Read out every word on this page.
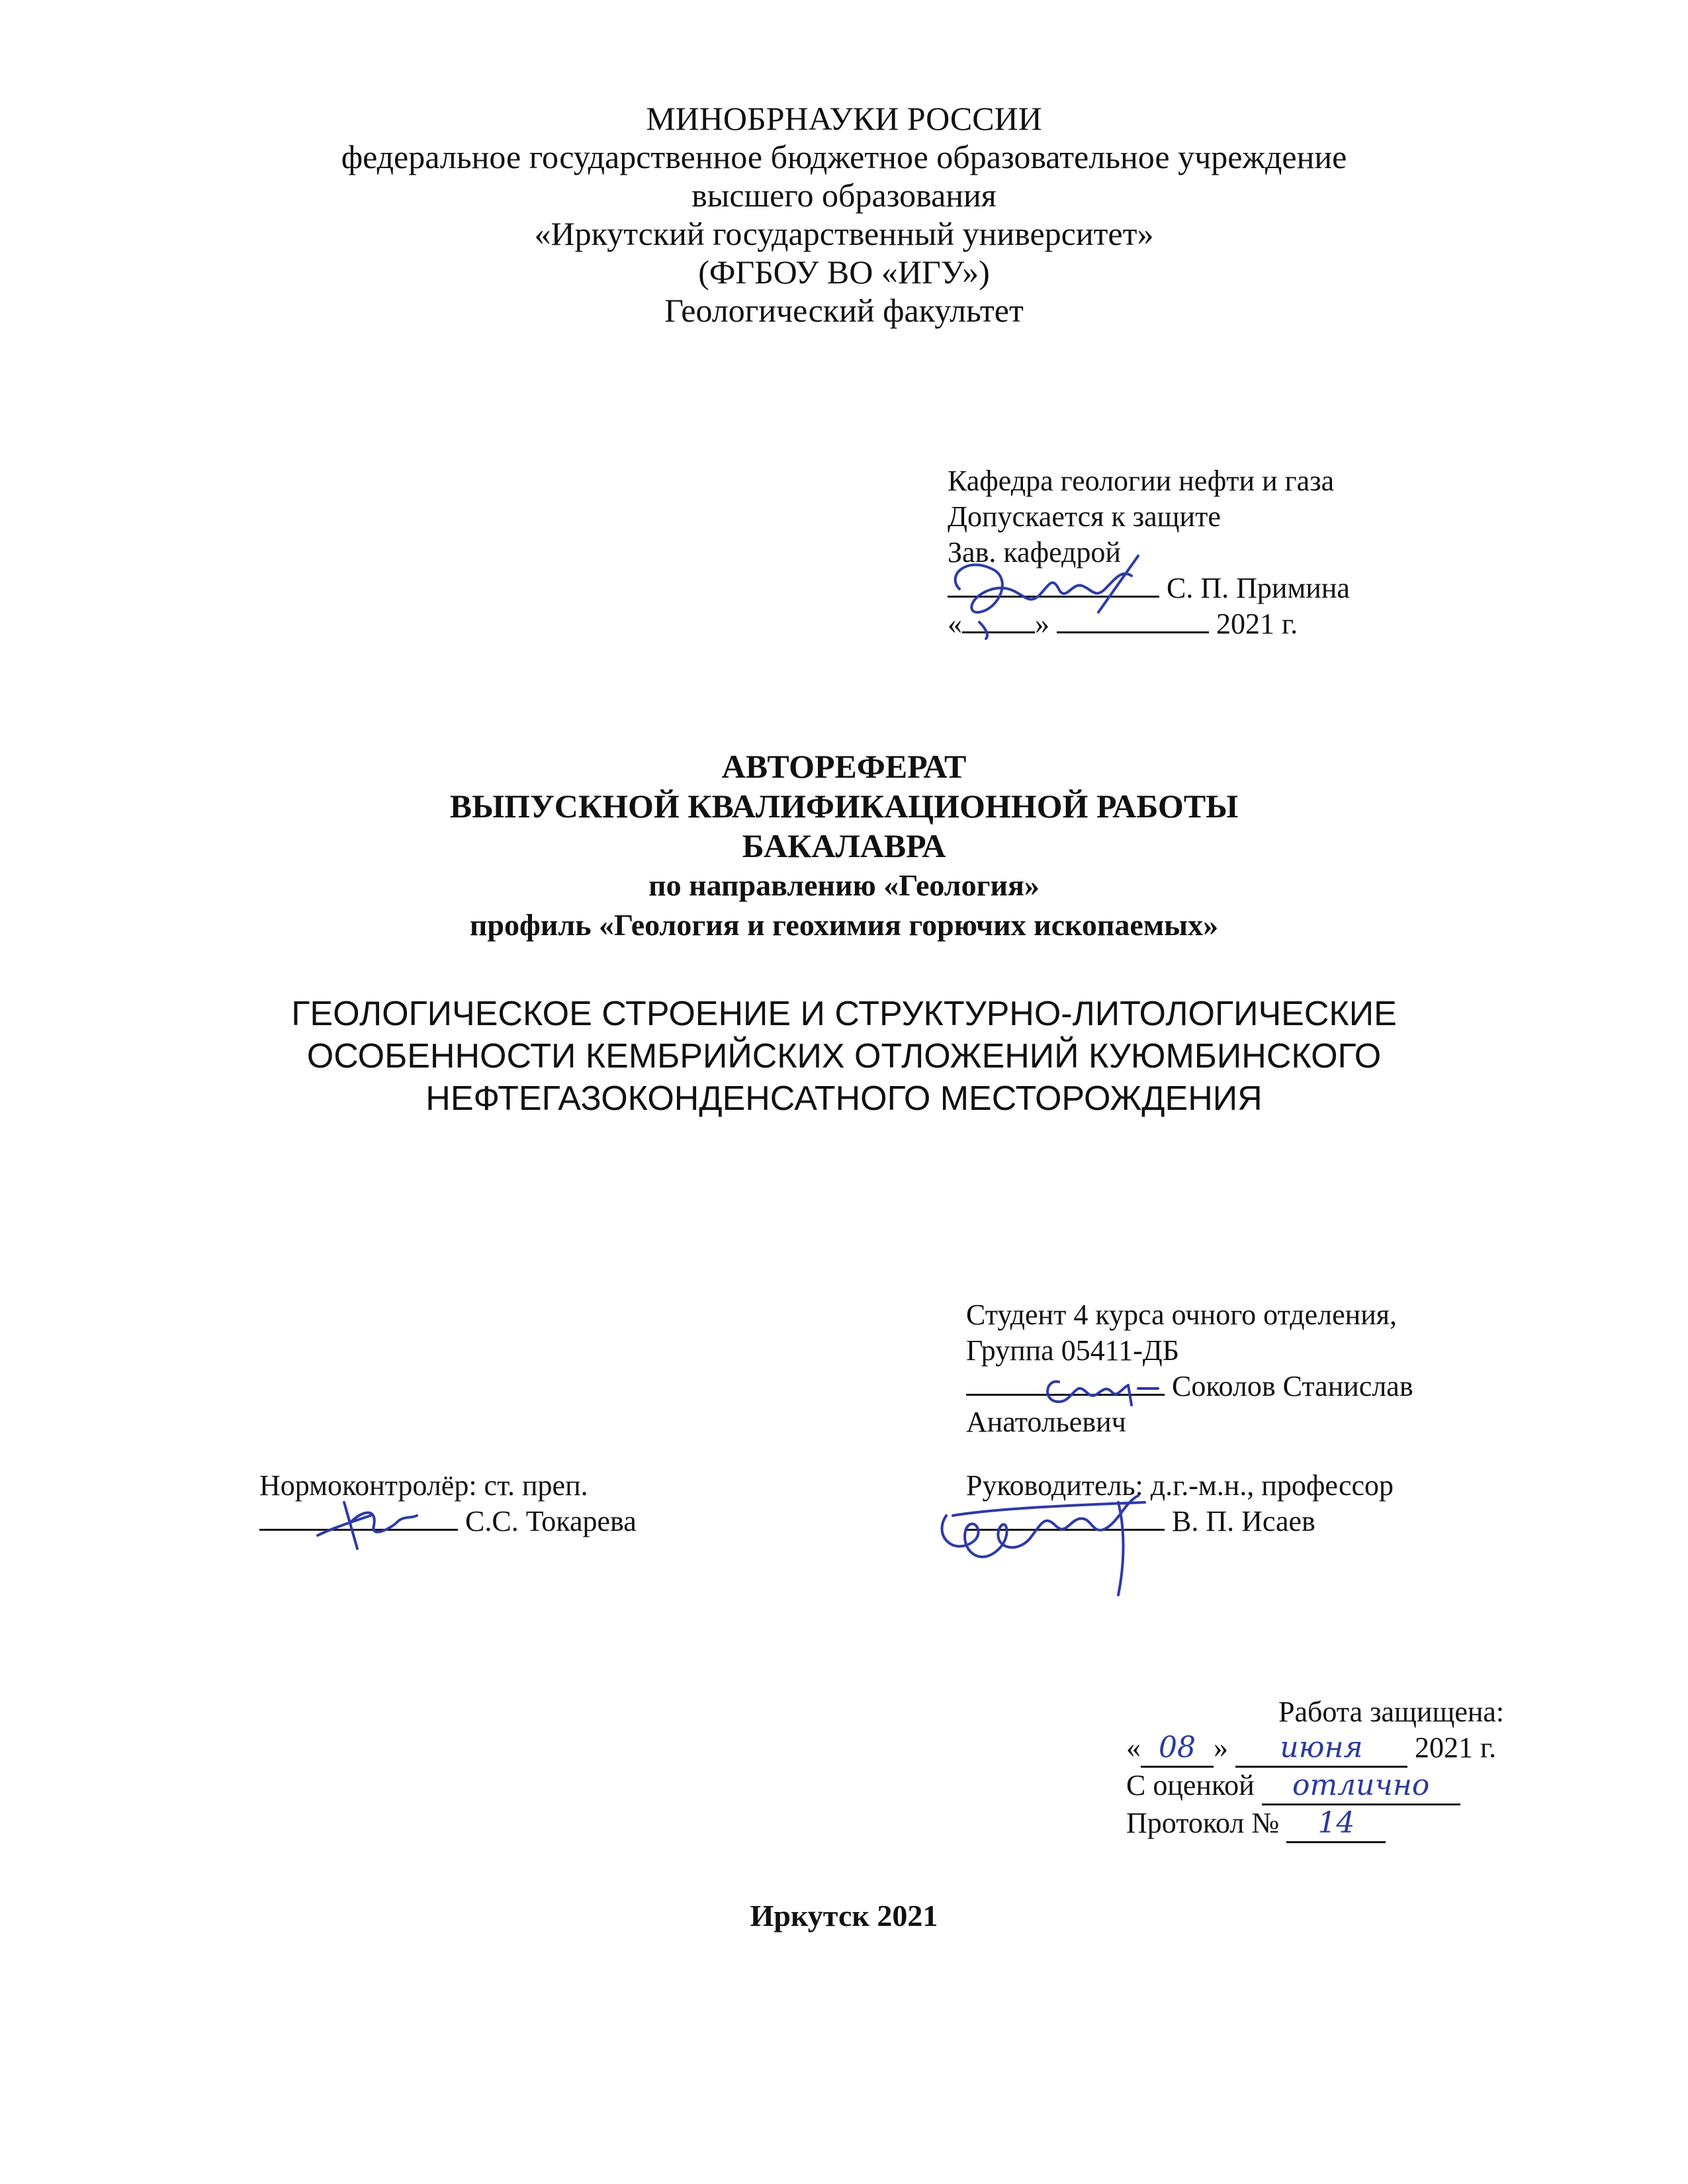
МИНОБРНАУКИ РОССИИ
федеральное государственное бюджетное образовательное учреждение
высшего образования
«Иркутский государственный университет»
(ФГБОУ ВО «ИГУ»)
Геологический факультет
Кафедра геологии нефти и газа
Допускается к защите
Зав. кафедрой
С. П. Примина
«	»	2021 г.
АВТОРЕФЕРАТ
ВЫПУСКНОЙ КВАЛИФИКАЦИОННОЙ РАБОТЫ
БАКАЛАВРА
по направлению «Геология»
профиль «Геология и геохимия горючих ископаемых»
ГЕОЛОГИЧЕСКОЕ СТРОЕНИЕ И СТРУКТУРНО-ЛИТОЛОГИЧЕСКИЕ
ОСОБЕННОСТИ КЕМБРИЙСКИХ ОТЛОЖЕНИЙ КУЮМБИНСКОГО
НЕФТЕГАЗОКОНДЕНСАТНОГО МЕСТОРОЖДЕНИЯ
Студент 4 курса очного отделения,
Группа 05411-ДБ
Соколов Станислав
Анатольевич
Нормоконтролёр: ст. преп.
С.С. Токарева
Руководитель: д.г.-м.н., профессор
В. П. Исаев
Работа защищена:
« 08 » июня 2021 г.
С оценкой отлично
Протокол № 14
Иркутск 2021
